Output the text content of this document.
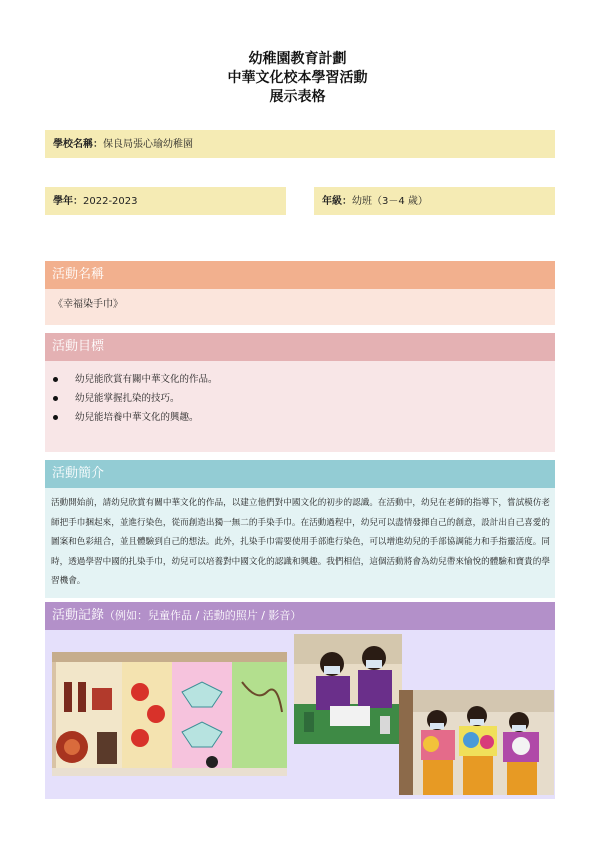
幼稚園教育計劃
中華文化校本學習活動
展示表格
學校名稱：保良局張心瑜幼稚園
學年：2022-2023	年級：幼班（3－4 歲）
活動名稱
《幸福染手巾》
活動目標
幼兒能欣賞有關中華文化的作品。
幼兒能掌握扎染的技巧。
幼兒能培養中華文化的興趣。
活動簡介

活動開始前，請幼兒欣賞有關中華文化的作品，以建立他們對中國文化的初步的認識。在活動中，幼兒在老師的指導下，嘗試模仿老師把手巾捆起來，並進行染色，從而創造出獨一無二的手染手巾。在活動過程中，幼兒可以盡情發揮自己的創意，設計出自己喜愛的圖案和色彩組合，並且體驗到自己的想法。此外，扎染手巾需要使用手部進行染色，可以增進幼兒的手部協調能力和手指靈活度。同時，透過學習中國的扎染手巾，幼兒可以培養對中國文化的認識和興趣。我們相信，這個活動將會為幼兒帶來愉悅的體驗和寶貴的學習機會。

活動記錄（例如：兒童作品 / 活動的照片 / 影音）
